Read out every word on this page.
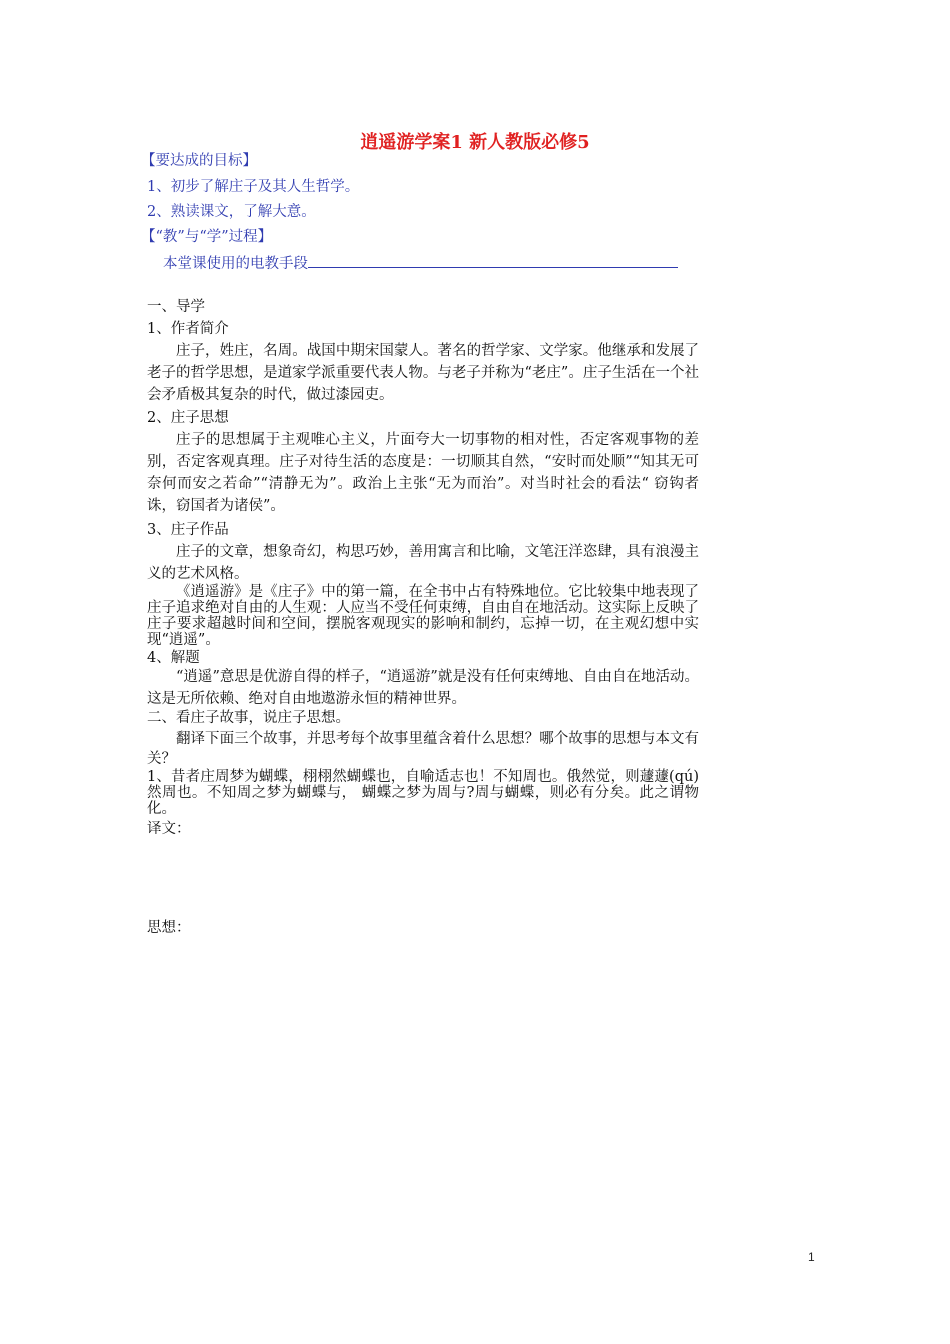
逍遥游学案1 新人教版必修5
【要达成的目标】
1、初步了解庄子及其人生哲学。
2、熟读课文，了解大意。
【“教”与“学”过程】
本堂课使用的电教手段
一、导学
1、作者简介
庄子，姓庄，名周。战国中期宋国蒙人。著名的哲学家、文学家。他继承和发展了老子的哲学思想，是道家学派重要代表人物。与老子并称为“老庄”。庄子生活在一个社会矛盾极其复杂的时代，做过漆园吏。
2、庄子思想
庄子的思想属于主观唯心主义，片面夸大一切事物的相对性，否定客观事物的差别，否定客观真理。庄子对待生活的态度是：一切顺其自然，“安时而处顺”“知其无可奈何而安之若命”“清静无为”。政治上主张“无为而治”。对当时社会的看法“ 窃钩者诛，窃国者为诸侯”。
3、庄子作品
庄子的文章，想象奇幻，构思巧妙，善用寓言和比喻，文笔汪洋恣肆，具有浪漫主义的艺术风格。
《逍遥游》是《庄子》中的第一篇，在全书中占有特殊地位。它比较集中地表现了庄子追求绝对自由的人生观：人应当不受任何束缚，自由自在地活动。这实际上反映了庄子要求超越时间和空间，摆脱客观现实的影响和制约，忘掉一切，在主观幻想中实现“逍遥”。
4、解题
“逍遥”意思是优游自得的样子，“逍遥游”就是没有任何束缚地、自由自在地活动。这是无所依赖、绝对自由地遨游永恒的精神世界。
二、看庄子故事，说庄子思想。
翻译下面三个故事，并思考每个故事里蕴含着什么思想？哪个故事的思想与本文有关？
1、昔者庄周梦为蝴蝶，栩栩然蝴蝶也，自喻适志也！不知周也。俄然觉，则蘧蘧(qú)然周也。不知周之梦为蝴蝶与， 蝴蝶之梦为周与?周与蝴蝶，则必有分矣。此之谓物化。
译文：
思想：
1
